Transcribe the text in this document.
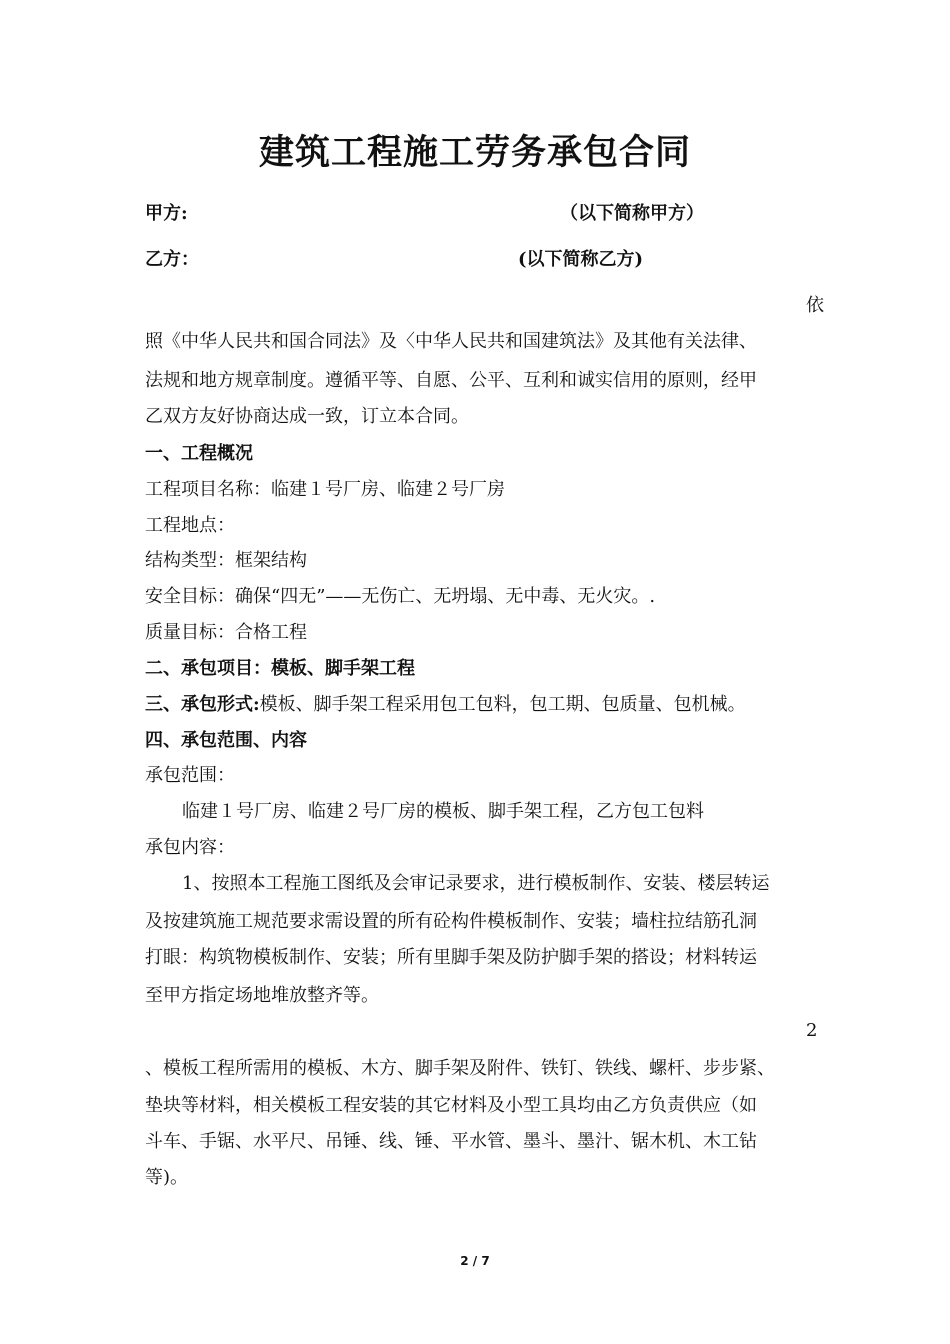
建筑工程施工劳务承包合同
甲方:	（以下简称甲方）
乙方：	(以下简称乙方)
依
照《中华人民共和国合同法》及〈中华人民共和国建筑法》及其他有关法律、
法规和地方规章制度。遵循平等、自愿、公平、互利和诚实信用的原则，经甲
乙双方友好协商达成一致，订立本合同。
一、工程概况
工程项目名称：临建１号厂房、临建２号厂房
工程地点：
结构类型：框架结构
安全目标：确保“四无”——无伤亡、无坍塌、无中毒、无火灾。.
质量目标：合格工程
二、承包项目：模板、脚手架工程
三、承包形式:模板、脚手架工程采用包工包料，包工期、包质量、包机械。
四、承包范围、内容
承包范围：
临建１号厂房、临建２号厂房的模板、脚手架工程，乙方包工包料
承包内容：
1、按照本工程施工图纸及会审记录要求，进行模板制作、安装、楼层转运
及按建筑施工规范要求需设置的所有砼构件模板制作、安装；墙柱拉结筋孔洞
打眼：构筑物模板制作、安装；所有里脚手架及防护脚手架的搭设；材料转运
至甲方指定场地堆放整齐等。
2
、模板工程所需用的模板、木方、脚手架及附件、铁钉、铁线、螺杆、步步紧、
垫块等材料，相关模板工程安装的其它材料及小型工具均由乙方负责供应（如
斗车、手锯、水平尺、吊锤、线、锤、平水管、墨斗、墨汁、锯木机、木工钻
等)。
2 / 7
